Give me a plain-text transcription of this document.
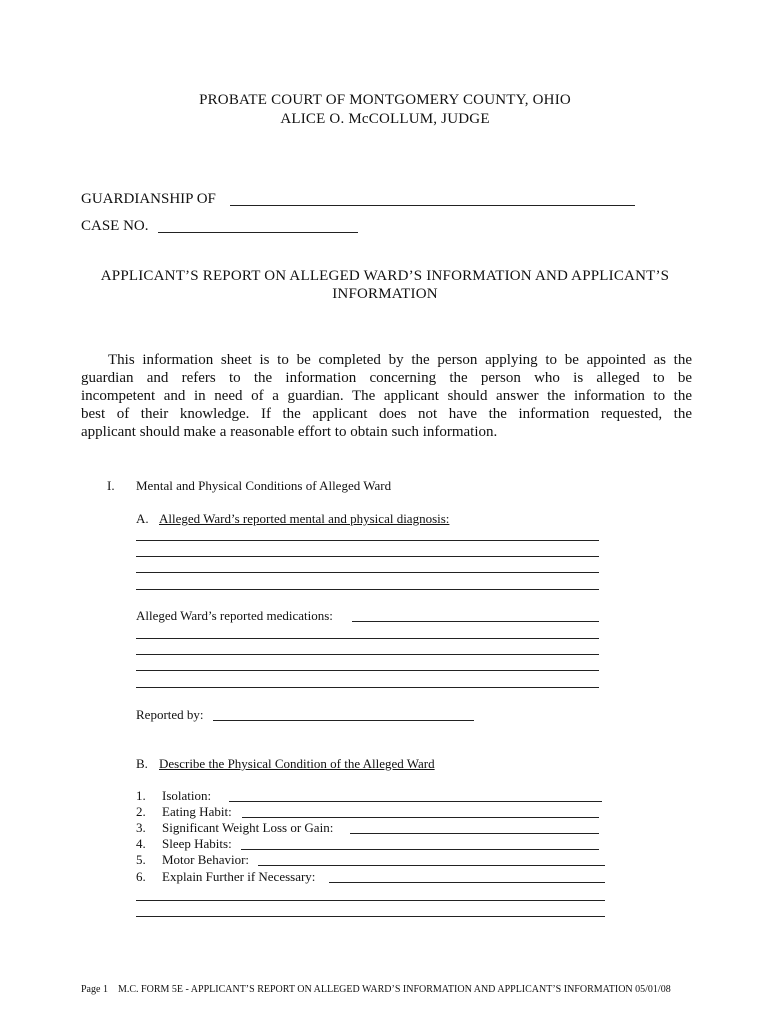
PROBATE COURT OF MONTGOMERY COUNTY, OHIO
ALICE O. McCOLLUM, JUDGE
GUARDIANSHIP OF
CASE NO.
APPLICANT’S REPORT ON ALLEGED WARD’S INFORMATION AND APPLICANT’S
INFORMATION
This information sheet is to be completed by the person applying to be appointed as the
guardian and refers to the information concerning the person who is alleged to be
incompetent and in need of a guardian. The applicant should answer the information to the
best of their knowledge. If the applicant does not have the information requested, the
applicant should make a reasonable effort to obtain such information.
I. Mental and Physical Conditions of Alleged Ward
A. Alleged Ward’s reported mental and physical diagnosis:
Alleged Ward’s reported medications:
Reported by:
B. Describe the Physical Condition of the Alleged Ward
1. Isolation:
2. Eating Habit:
3. Significant Weight Loss or Gain:
4. Sleep Habits:
5. Motor Behavior:
6. Explain Further if Necessary:
Page 1 M.C. FORM 5E - APPLICANT’S REPORT ON ALLEGED WARD’S INFORMATION AND APPLICANT’S INFORMATION 05/01/08
